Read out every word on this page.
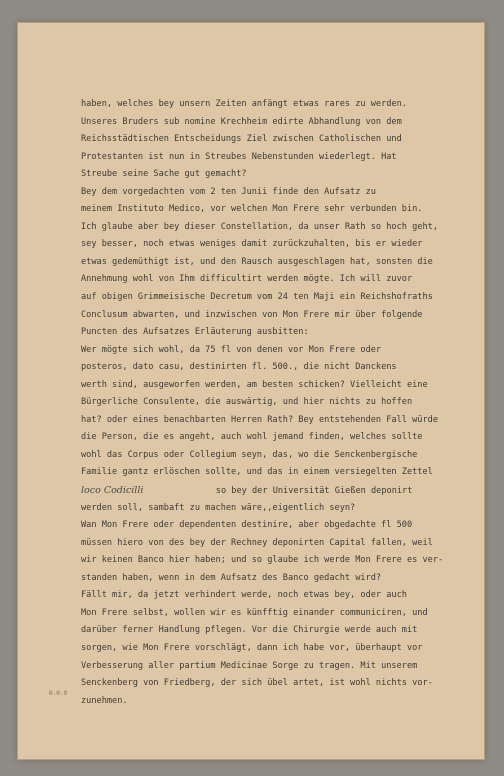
haben, welches bey unsern Zeiten anfängt etwas rares zu werden.
Unseres Bruders sub nomine Krechheim edirte Abhandlung von dem
Reichsstädtischen Entscheidungs Ziel zwischen Catholischen und
Protestanten ist nun in Streubes Nebenstunden wiederlegt. Hat
Streube seine Sache gut gemacht?
Bey dem vorgedachten vom 2 ten Junii finde den Aufsatz zu
meinem Instituto Medico, vor welchen Mon Frere sehr verbunden bin.
Ich glaube aber bey dieser Constellation, da unser Rath so hoch geht,
sey besser, noch etwas weniges damit zurückzuhalten, bis er wieder
etwas gedemüthigt ist, und den Rausch ausgeschlagen hat, sonsten die
Annehmung wohl von Ihm difficultirt werden mögte. Ich will zuvor
auf obigen Grimmeisische Decretum vom 24 ten Maji ein Reichshofraths
Conclusum abwarten, und inzwischen von Mon Frere mir über folgende
Puncten des Aufsatzes Erläuterung ausbitten:
Wer mögte sich wohl, da 75 fl von denen vor Mon Frere oder
posteros, dato casu, destinirten fl. 500., die nicht Danckens
werth sind, ausgeworfen werden, am besten schicken? Vielleicht eine
Bürgerliche Consulente, die auswärtig, und hier nichts zu hoffen
hat? oder eines benachbarten Herren Rath? Bey entstehenden Fall würde
die Person, die es angeht, auch wohl jemand finden, welches sollte
wohl das Corpus oder Collegium seyn, das, wo die Senckenbergische
Familie gantz erlöschen sollte, und das in einem versiegelten Zettel
loco Codicilli	so bey der Universität Gießen deponirt
werden soll, sambaft zu machen wäre,,eigentlich seyn?
Wan Mon Frere oder dependenten destinire, aber obgedachte fl 500
müssen hiero von des bey der Rechney deponirten Capital fallen, weil
wir keinen Banco hier haben; und so glaube ich werde Mon Frere es ver-
standen haben, wenn in dem Aufsatz des Banco gedacht wird?
Fällt mir, da jetzt verhindert werde, noch etwas bey, oder auch
Mon Frere selbst, wollen wir es künfftig einander communiciren, und
darüber ferner Handlung pflegen. Vor die Chirurgie werde auch mit
sorgen, wie Mon Frere vorschlägt, dann ich habe vor, überhaupt vor
Verbesserung aller partium Medicinae Sorge zu tragen. Mit unserem
Senckenberg von Friedberg, der sich übel artet, ist wohl nichts vor-
zunehmen.
0.0.9
